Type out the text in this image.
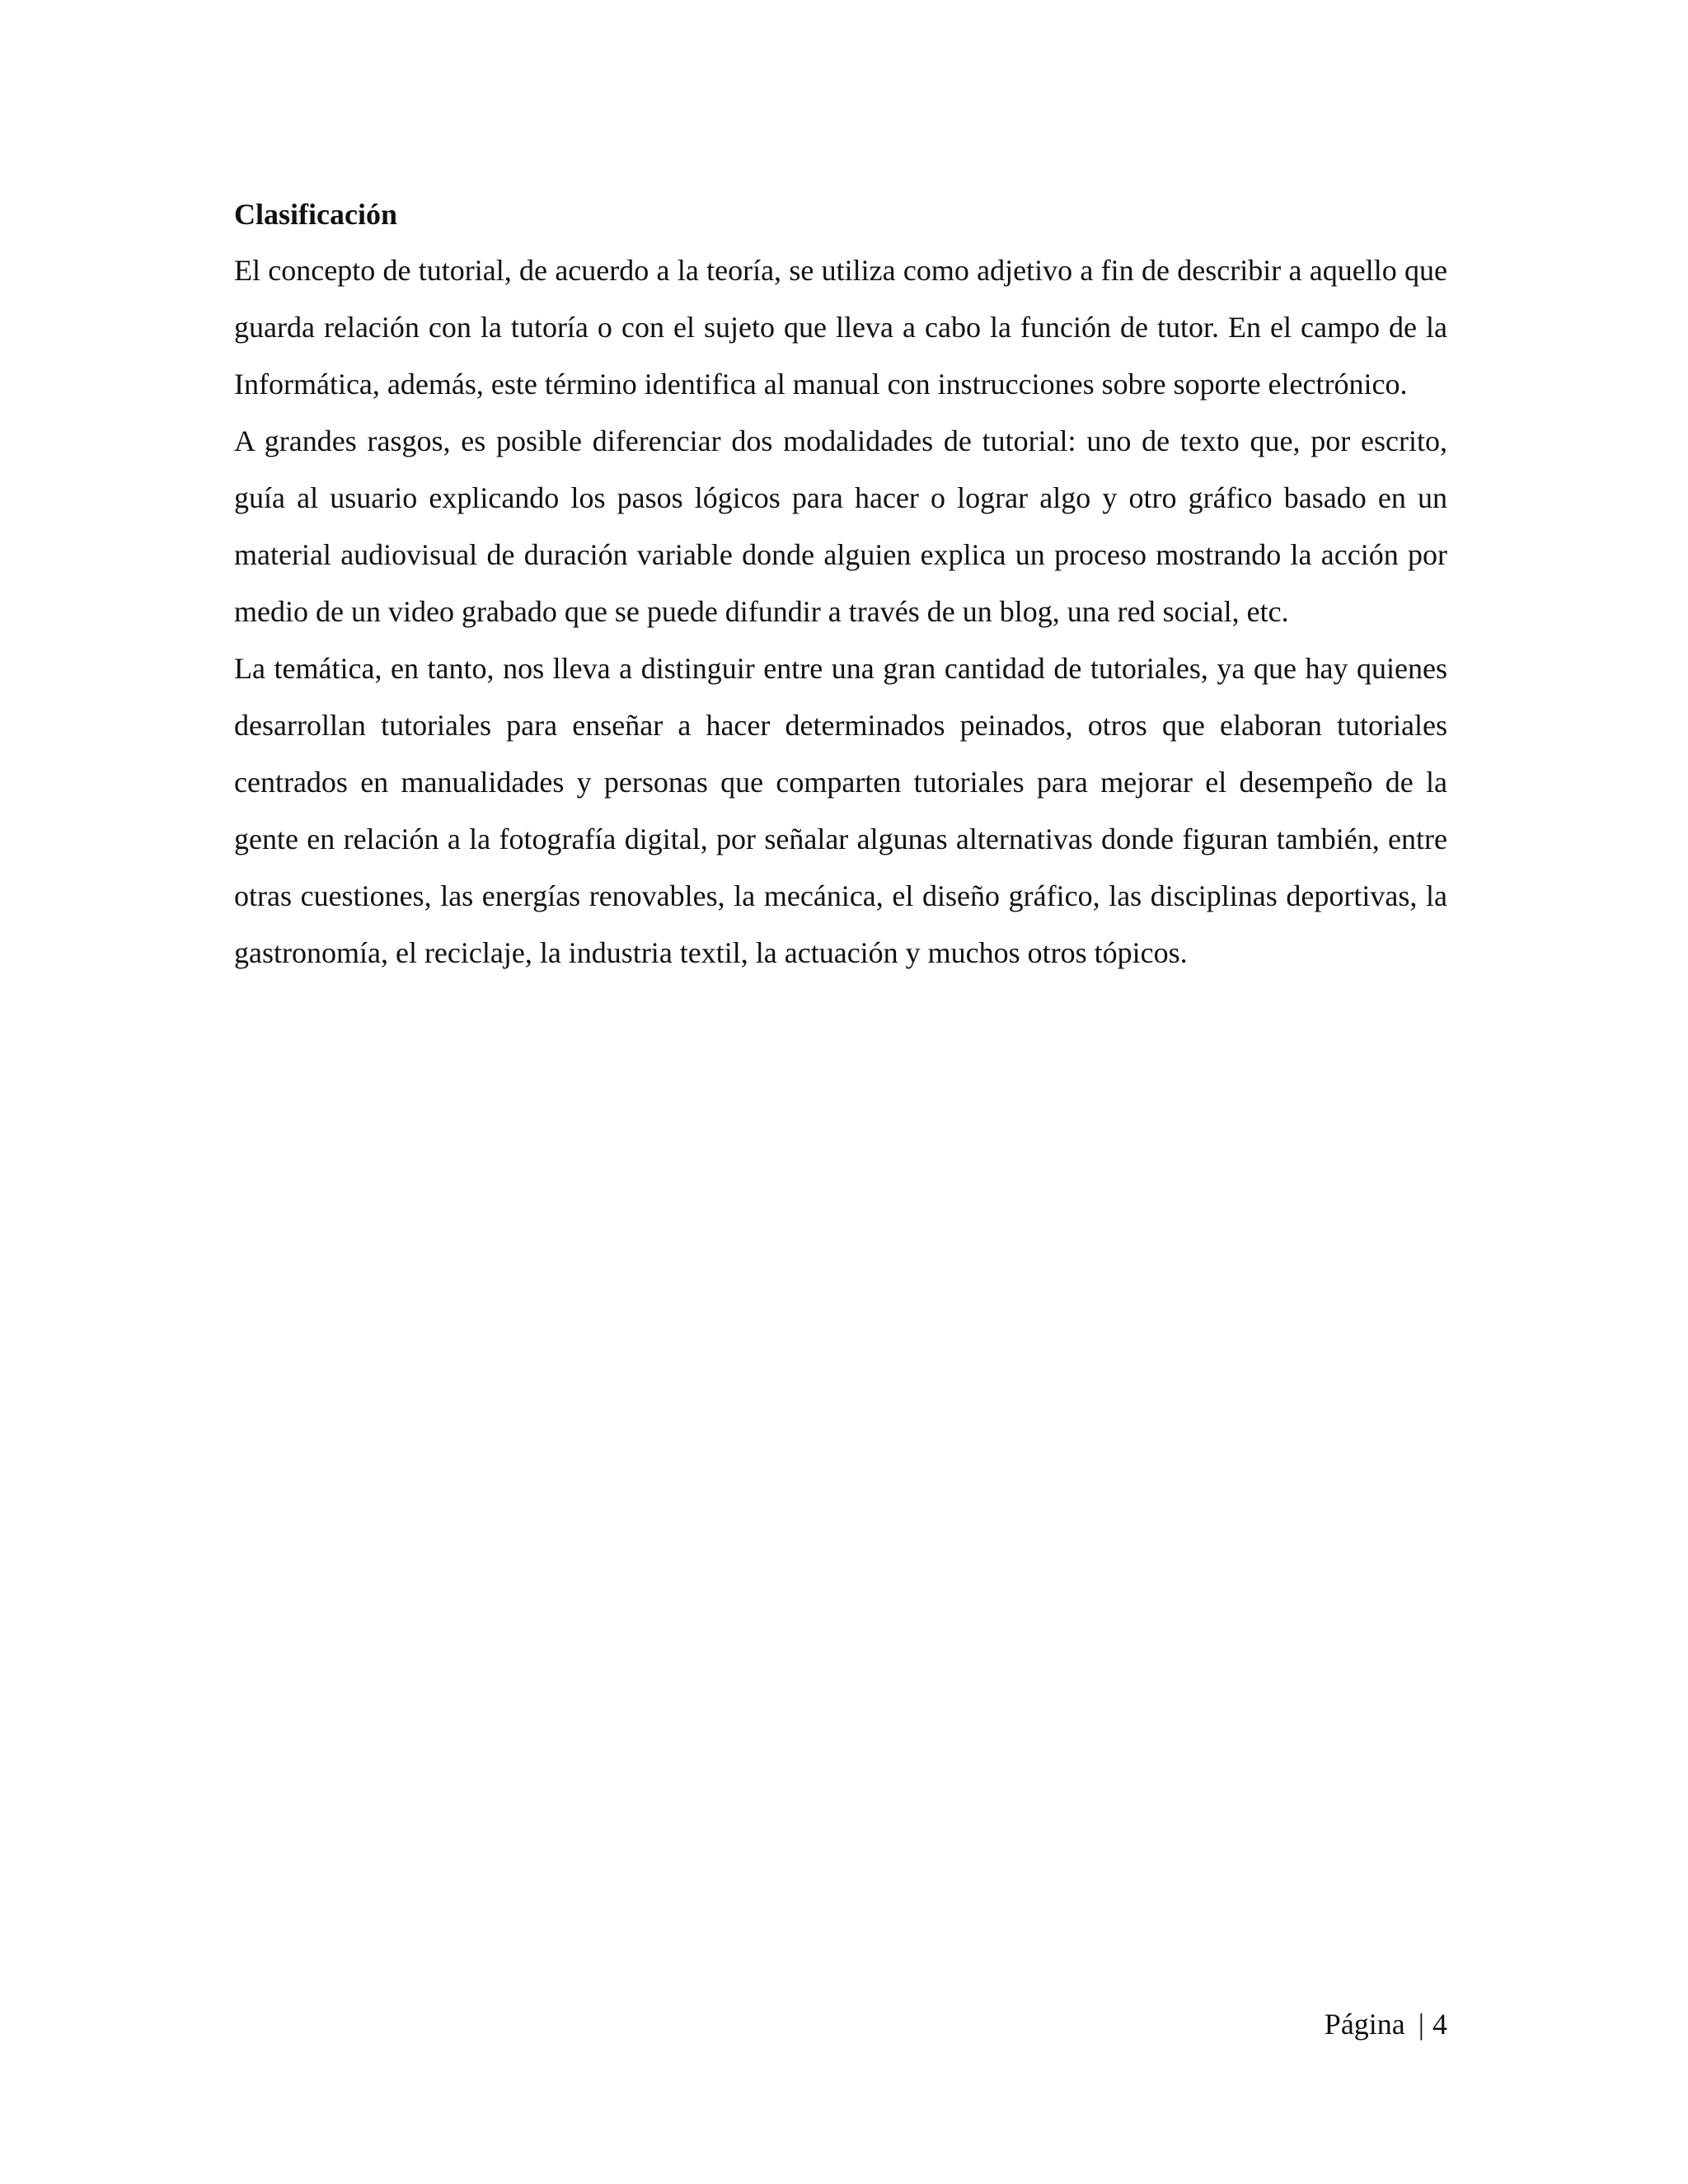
Clasificación

El concepto de tutorial, de acuerdo a la teoría, se utiliza como adjetivo a fin de describir a aquello que guarda relación con la tutoría o con el sujeto que lleva a cabo la función de tutor. En el campo de la Informática, además, este término identifica al manual con instrucciones sobre soporte electrónico.

A grandes rasgos, es posible diferenciar dos modalidades de tutorial: uno de texto que, por escrito, guía al usuario explicando los pasos lógicos para hacer o lograr algo y otro gráfico basado en un material audiovisual de duración variable donde alguien explica un proceso mostrando la acción por medio de un video grabado que se puede difundir a través de un blog, una red social, etc.

La temática, en tanto, nos lleva a distinguir entre una gran cantidad de tutoriales, ya que hay quienes desarrollan tutoriales para enseñar a hacer determinados peinados, otros que elaboran tutoriales centrados en manualidades y personas que comparten tutoriales para mejorar el desempeño de la gente en relación a la fotografía digital, por señalar algunas alternativas donde figuran también, entre otras cuestiones, las energías renovables, la mecánica, el diseño gráfico, las disciplinas deportivas, la gastronomía, el reciclaje, la industria textil, la actuación y muchos otros tópicos.

Página | 4
